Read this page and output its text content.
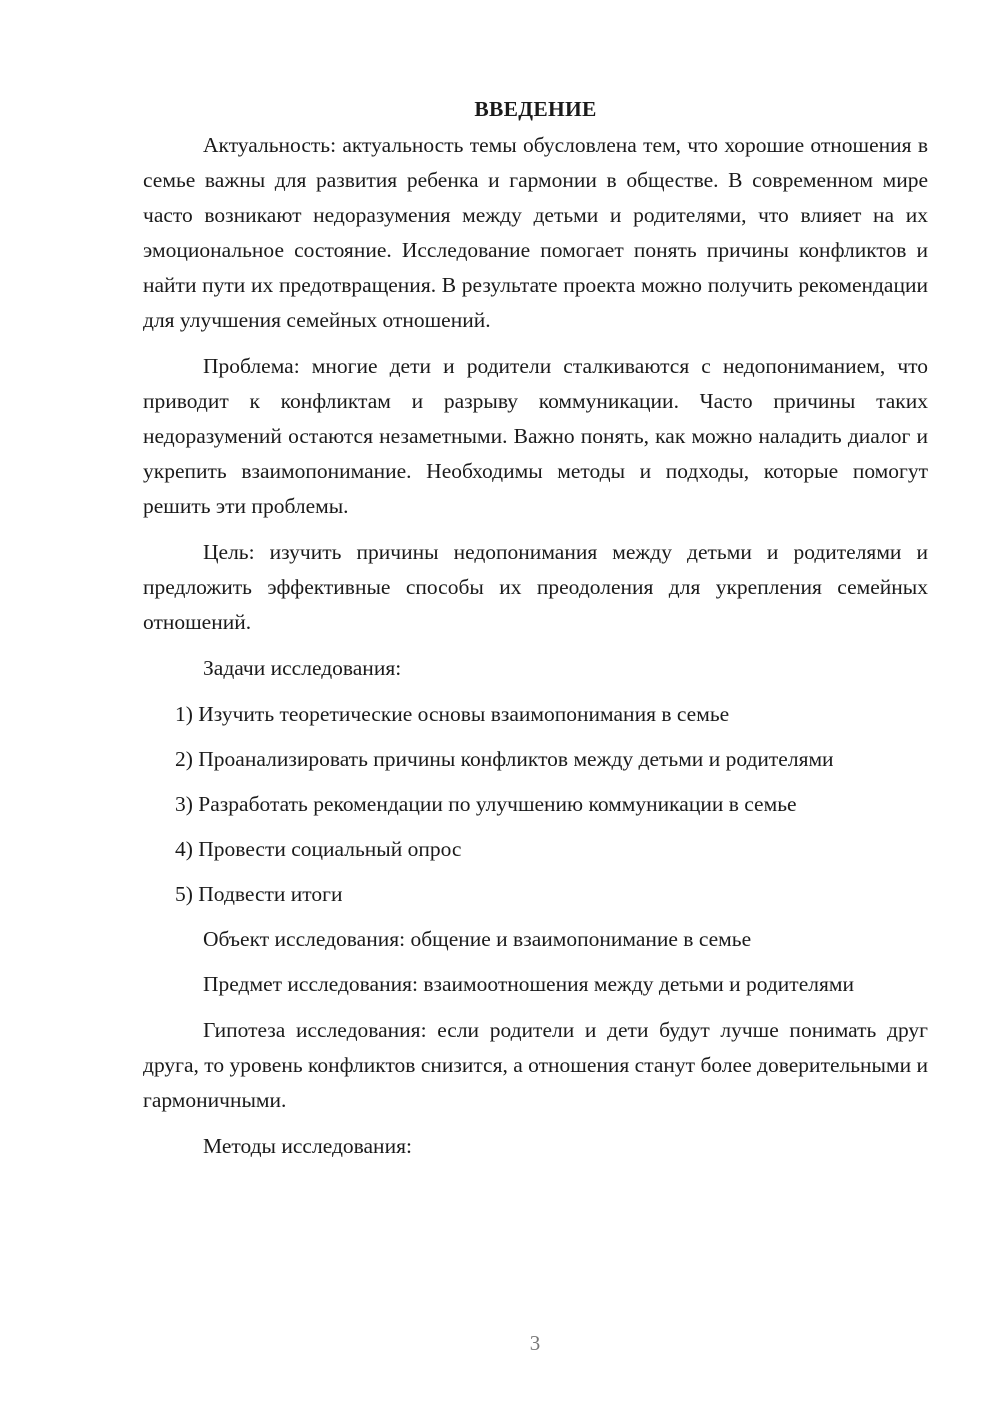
ВВЕДЕНИЕ

Актуальность: актуальность темы обусловлена тем, что хорошие отношения в семье важны для развития ребенка и гармонии в обществе. В современном мире часто возникают недоразумения между детьми и родителями, что влияет на их эмоциональное состояние. Исследование помогает понять причины конфликтов и найти пути их предотвращения. В результате проекта можно получить рекомендации для улучшения семейных отношений.

Проблема: многие дети и родители сталкиваются с недопониманием, что приводит к конфликтам и разрыву коммуникации. Часто причины таких недоразумений остаются незаметными. Важно понять, как можно наладить диалог и укрепить взаимопонимание. Необходимы методы и подходы, которые помогут решить эти проблемы.

Цель: изучить причины недопонимания между детьми и родителями и предложить эффективные способы их преодоления для укрепления семейных отношений.

Задачи исследования:

1) Изучить теоретические основы взаимопонимания в семье

2) Проанализировать причины конфликтов между детьми и родителями

3) Разработать рекомендации по улучшению коммуникации в семье

4) Провести социальный опрос

5) Подвести итоги

Объект исследования: общение и взаимопонимание в семье

Предмет исследования: взаимоотношения между детьми и родителями

Гипотеза исследования: если родители и дети будут лучше понимать друг друга, то уровень конфликтов снизится, а отношения станут более доверительными и гармоничными.

Методы исследования:

3
